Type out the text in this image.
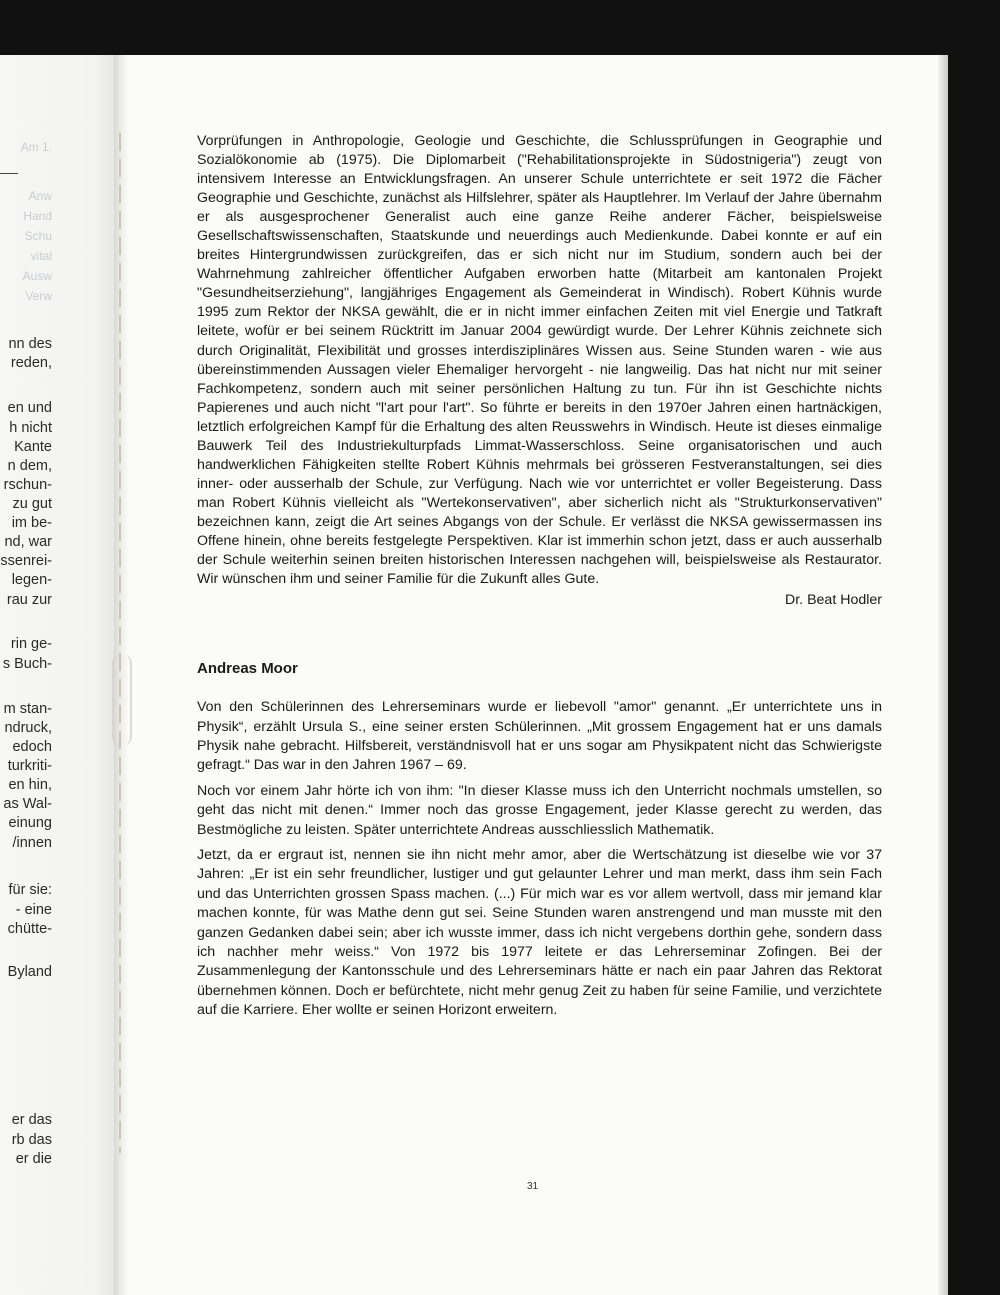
Am 1.
Anw
Hand
Schu
vital
Ausw
Verw
nn des
reden,
en und
h nicht
Kante
n dem,
rschun-
zu gut
im be-
nd, war
ssenrei-
legen-
rau zur
rin ge-
s Buch-
m stan-
ndruck,
edoch
turkriti-
en hin,
as Wal-
einung
/innen
für sie:
- eine
chütte-
Byland
er das
rb das
er die

Vorprüfungen in Anthropologie, Geologie und Geschichte, die Schlussprüfungen in Geographie und Sozialökonomie ab (1975). Die Diplomarbeit ("Rehabilitationsprojekte in Südostnigeria") zeugt von intensivem Interesse an Entwicklungsfragen. An unserer Schule unterrichtete er seit 1972 die Fächer Geographie und Geschichte, zunächst als Hilfslehrer, später als Hauptlehrer. Im Verlauf der Jahre übernahm er als ausgesprochener Generalist auch eine ganze Reihe anderer Fächer, beispielsweise Gesellschaftswissenschaften, Staatskunde und neuerdings auch Medienkunde. Dabei konnte er auf ein breites Hintergrundwissen zurückgreifen, das er sich nicht nur im Studium, sondern auch bei der Wahrnehmung zahlreicher öffentlicher Aufgaben erworben hatte (Mitarbeit am kantonalen Projekt "Gesundheitserziehung", langjähriges Engagement als Gemeinderat in Windisch). Robert Kühnis wurde 1995 zum Rektor der NKSA gewählt, die er in nicht immer einfachen Zeiten mit viel Energie und Tatkraft leitete, wofür er bei seinem Rücktritt im Januar 2004 gewürdigt wurde. Der Lehrer Kühnis zeichnete sich durch Originalität, Flexibilität und grosses interdisziplinäres Wissen aus. Seine Stunden waren - wie aus übereinstimmenden Aussagen vieler Ehemaliger hervorgeht - nie langweilig. Das hat nicht nur mit seiner Fachkompetenz, sondern auch mit seiner persönlichen Haltung zu tun. Für ihn ist Geschichte nichts Papierenes und auch nicht "l'art pour l'art". So führte er bereits in den 1970er Jahren einen hartnäckigen, letztlich erfolgreichen Kampf für die Erhaltung des alten Reusswehrs in Windisch. Heute ist dieses einmalige Bauwerk Teil des Industriekulturpfads Limmat-Wasserschloss. Seine organisatorischen und auch handwerklichen Fähigkeiten stellte Robert Kühnis mehrmals bei grösseren Festveranstaltungen, sei dies inner- oder ausserhalb der Schule, zur Verfügung. Nach wie vor unterrichtet er voller Begeisterung. Dass man Robert Kühnis vielleicht als "Wertekonservativen", aber sicherlich nicht als "Strukturkonservativen" bezeichnen kann, zeigt die Art seines Abgangs von der Schule. Er verlässt die NKSA gewissermassen ins Offene hinein, ohne bereits festgelegte Perspektiven. Klar ist immerhin schon jetzt, dass er auch ausserhalb der Schule weiterhin seinen breiten historischen Interessen nachgehen will, beispielsweise als Restaurator. Wir wünschen ihm und seiner Familie für die Zukunft alles Gute.

Dr. Beat Hodler
Andreas Moor

Von den Schülerinnen des Lehrerseminars wurde er liebevoll "amor" genannt. „Er unterrichtete uns in Physik“, erzählt Ursula S., eine seiner ersten Schülerinnen. „Mit grossem Engagement hat er uns damals Physik nahe gebracht. Hilfsbereit, verständnisvoll hat er uns sogar am Physikpatent nicht das Schwierigste gefragt.“ Das war in den Jahren 1967 – 69.

Noch vor einem Jahr hörte ich von ihm: "In dieser Klasse muss ich den Unterricht nochmals umstellen, so geht das nicht mit denen.“ Immer noch das grosse Engagement, jeder Klasse gerecht zu werden, das Bestmögliche zu leisten. Später unterrichtete Andreas ausschliesslich Mathematik.

Jetzt, da er ergraut ist, nennen sie ihn nicht mehr amor, aber die Wertschätzung ist dieselbe wie vor 37 Jahren: „Er ist ein sehr freundlicher, lustiger und gut gelaunter Lehrer und man merkt, dass ihm sein Fach und das Unterrichten grossen Spass machen. (...) Für mich war es vor allem wertvoll, dass mir jemand klar machen konnte, für was Mathe denn gut sei. Seine Stunden waren anstrengend und man musste mit den ganzen Gedanken dabei sein; aber ich wusste immer, dass ich nicht vergebens dorthin gehe, sondern dass ich nachher mehr weiss.“ Von 1972 bis 1977 leitete er das Lehrerseminar Zofingen. Bei der Zusammenlegung der Kantonsschule und des Lehrerseminars hätte er nach ein paar Jahren das Rektorat übernehmen können. Doch er befürchtete, nicht mehr genug Zeit zu haben für seine Familie, und verzichtete auf die Karriere. Eher wollte er seinen Horizont erweitern.

31
